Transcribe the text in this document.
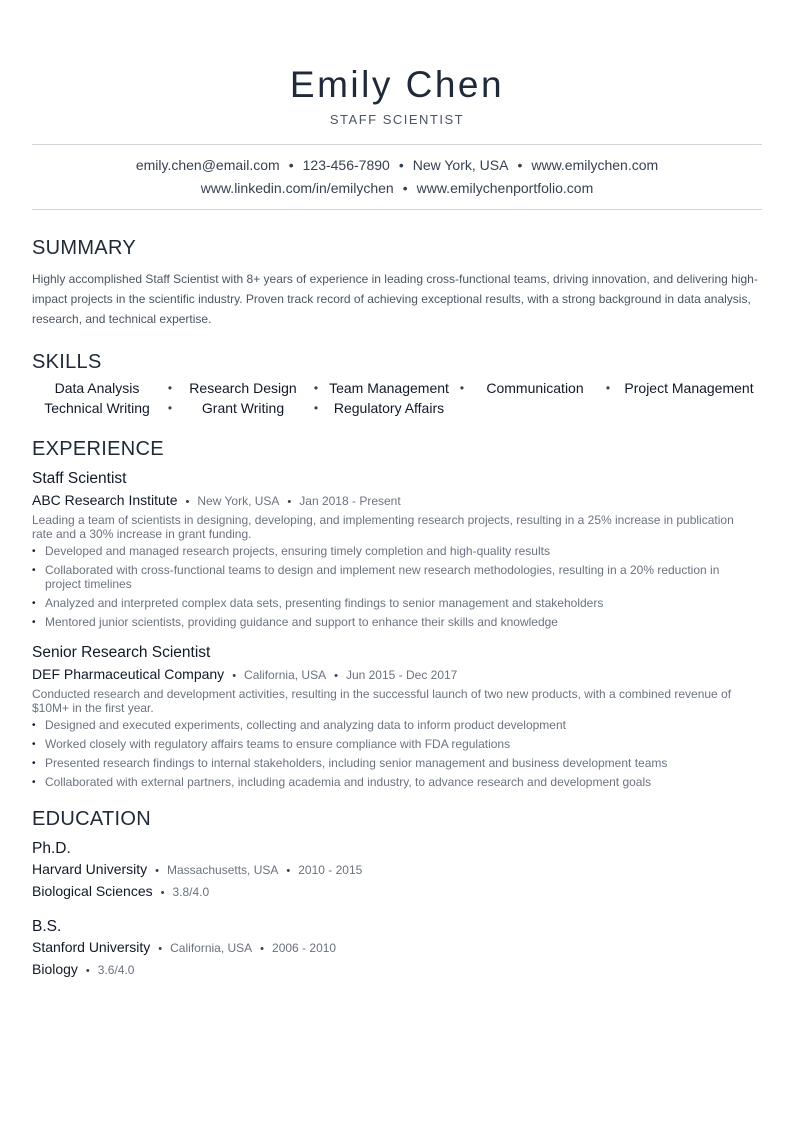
Emily Chen
STAFF SCIENTIST
emily.chen@email.com • 123-456-7890 • New York, USA • www.emilychen.com
www.linkedin.com/in/emilychen • www.emilychenportfolio.com
SUMMARY

Highly accomplished Staff Scientist with 8+ years of experience in leading cross-functional teams, driving innovation, and delivering high-impact projects in the scientific industry. Proven track record of achieving exceptional results, with a strong background in data analysis, research, and technical expertise.

SKILLS
Data Analysis	•	Research Design	• Team Management •	Communication	•	Project Management
Technical Writing	•	Grant Writing	•	Regulatory Affairs
EXPERIENCE
Staff Scientist
ABC Research Institute • New York, USA • Jan 2018 - Present
Leading a team of scientists in designing, developing, and implementing research projects, resulting in a 25% increase in publication rate and a 30% increase in grant funding.
• Developed and managed research projects, ensuring timely completion and high-quality results
• Collaborated with cross-functional teams to design and implement new research methodologies, resulting in a 20% reduction in project timelines
• Analyzed and interpreted complex data sets, presenting findings to senior management and stakeholders
• Mentored junior scientists, providing guidance and support to enhance their skills and knowledge
Senior Research Scientist
DEF Pharmaceutical Company • California, USA • Jun 2015 - Dec 2017
Conducted research and development activities, resulting in the successful launch of two new products, with a combined revenue of $10M+ in the first year.
• Designed and executed experiments, collecting and analyzing data to inform product development
• Worked closely with regulatory affairs teams to ensure compliance with FDA regulations
• Presented research findings to internal stakeholders, including senior management and business development teams
• Collaborated with external partners, including academia and industry, to advance research and development goals
EDUCATION
Ph.D.
Harvard University • Massachusetts, USA • 2010 - 2015
Biological Sciences • 3.8/4.0
B.S.
Stanford University • California, USA • 2006 - 2010
Biology • 3.6/4.0
